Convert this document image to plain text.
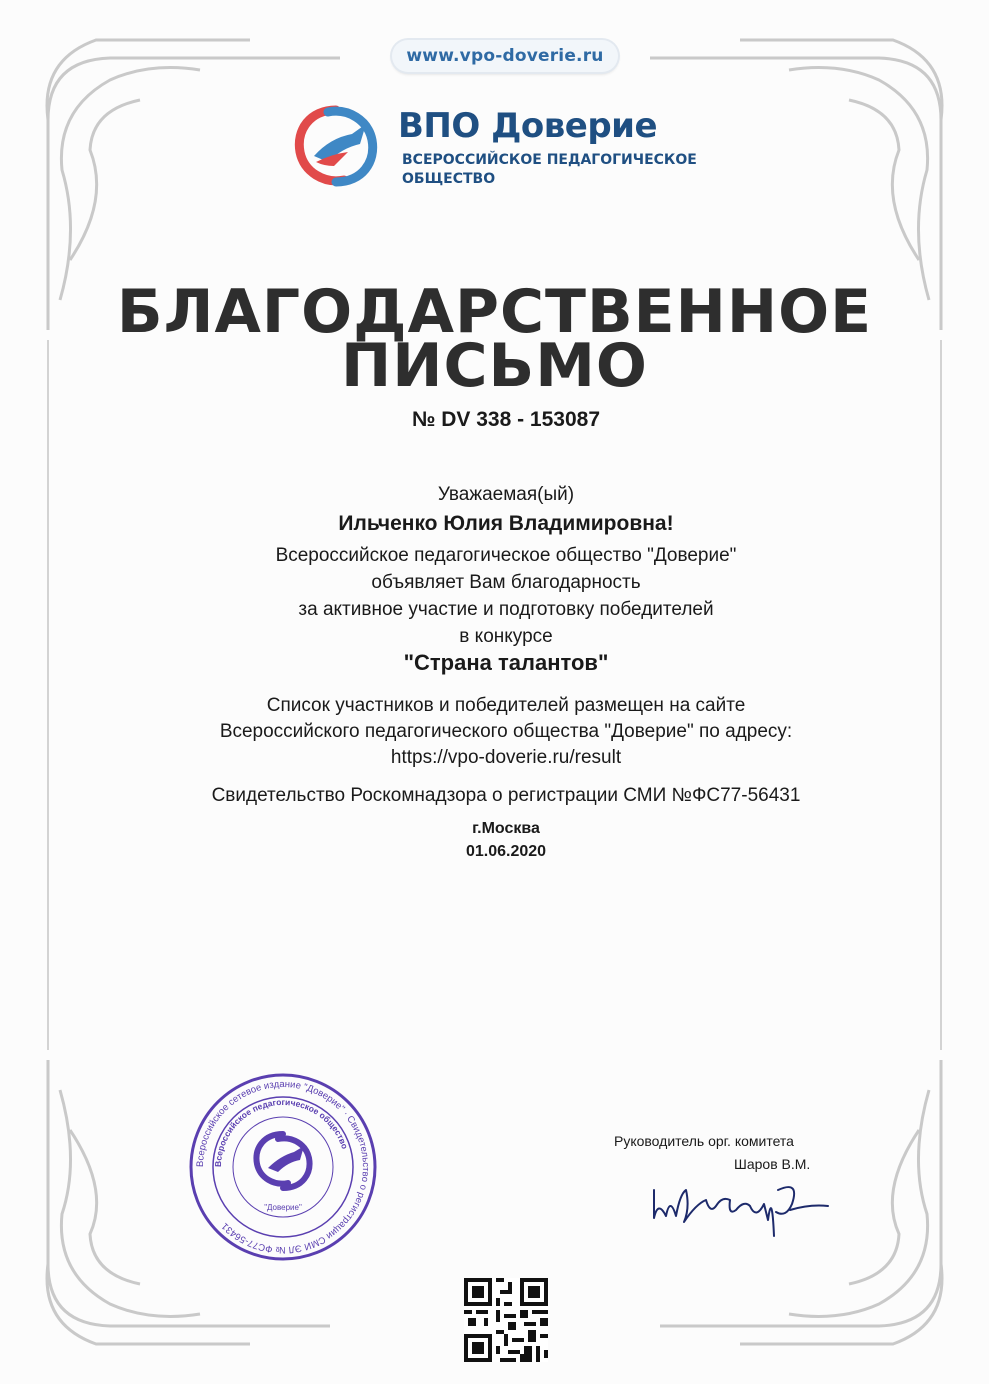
www.vpo-doverie.ru
ВПО Доверие
ВСЕРОССИЙСКОЕ ПЕДАГОГИЧЕСКОЕ ОБЩЕСТВО
БЛАГОДАРСТВЕННОЕ
ПИСЬМО
№ DV 338 - 153087
Уважаемая(ый)
Ильченко Юлия Владимировна!
Всероссийское педагогическое общество "Доверие"
объявляет Вам благодарность
за активное участие и подготовку победителей
в конкурсе
"Страна талантов"
Список участников и победителей размещен на сайте
Всероссийского педагогического общества "Доверие" по адресу:
https://vpo-doverie.ru/result
Свидетельство Роскомнадзора о регистрации СМИ №ФС77-56431
г.Москва
01.06.2020
Всероссийское сетевое издание "Доверие" · Свидетельство о регистрации СМИ ЭЛ № ФС77-56431
Всероссийское педагогическое общество
"Доверие"
Руководитель орг. комитета
Шаров В.М.
